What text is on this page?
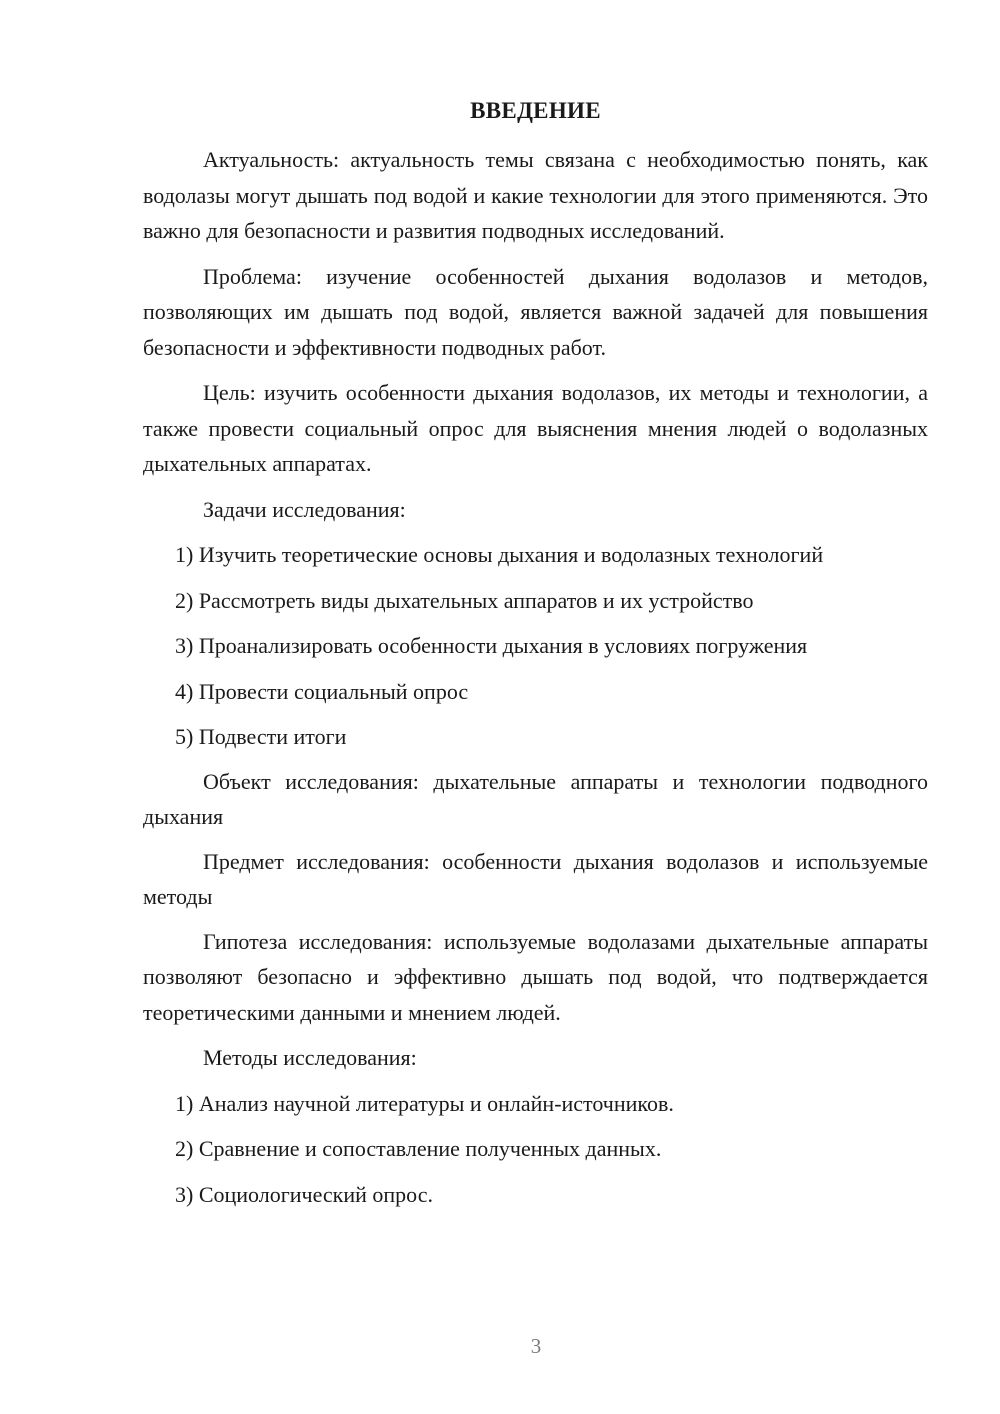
ВВЕДЕНИЕ

Актуальность: актуальность темы связана с необходимостью понять, как водолазы могут дышать под водой и какие технологии для этого применяются. Это важно для безопасности и развития подводных исследований.

Проблема: изучение особенностей дыхания водолазов и методов, позволяющих им дышать под водой, является важной задачей для повышения безопасности и эффективности подводных работ.

Цель: изучить особенности дыхания водолазов, их методы и технологии, а также провести социальный опрос для выяснения мнения людей о водолазных дыхательных аппаратах.

Задачи исследования:

1) Изучить теоретические основы дыхания и водолазных технологий

2) Рассмотреть виды дыхательных аппаратов и их устройство

3) Проанализировать особенности дыхания в условиях погружения

4) Провести социальный опрос

5) Подвести итоги

Объект исследования: дыхательные аппараты и технологии подводного дыхания

Предмет исследования: особенности дыхания водолазов и используемые методы

Гипотеза исследования: используемые водолазами дыхательные аппараты позволяют безопасно и эффективно дышать под водой, что подтверждается теоретическими данными и мнением людей.

Методы исследования:

1) Анализ научной литературы и онлайн-источников.

2) Сравнение и сопоставление полученных данных.

3) Социологический опрос.

3
